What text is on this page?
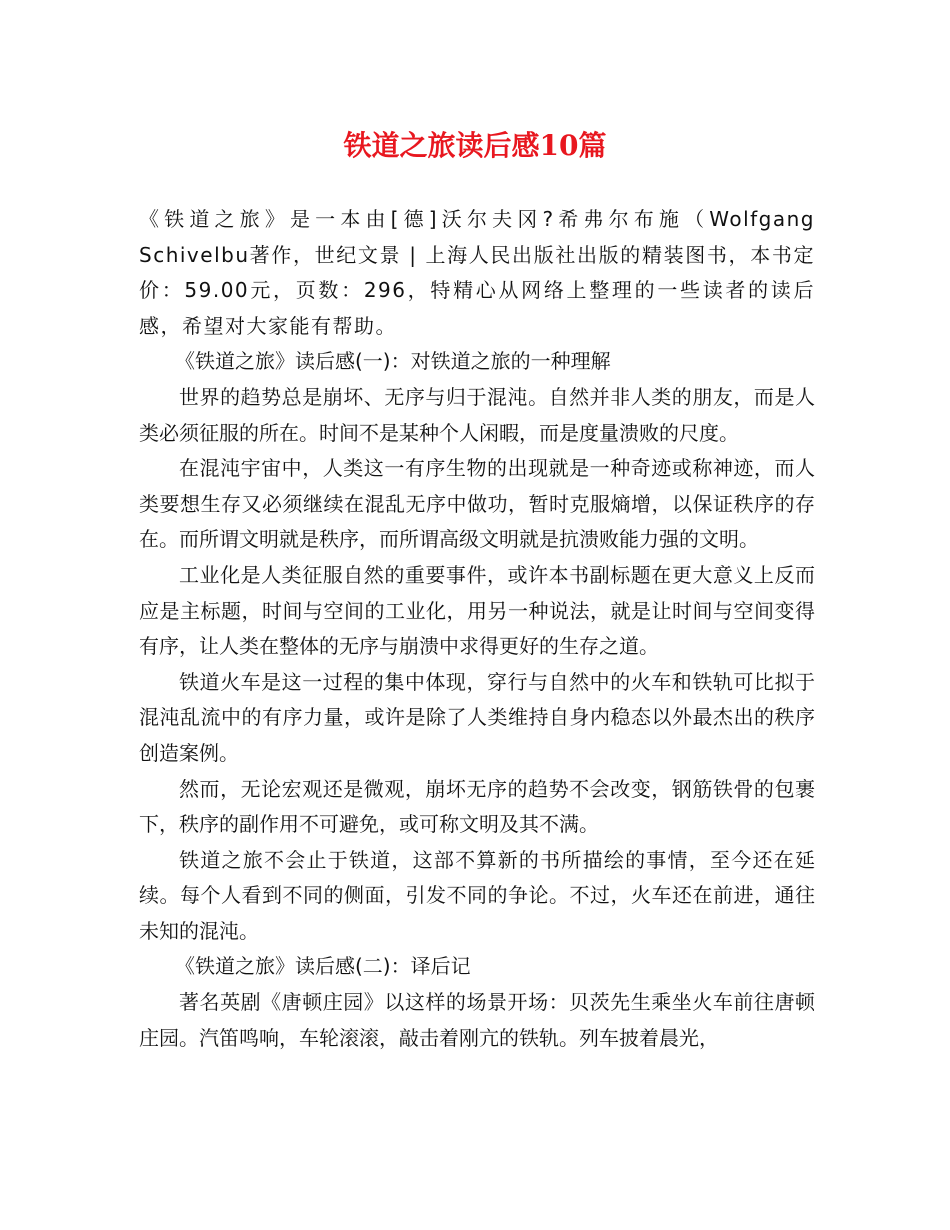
铁道之旅读后感10篇

《铁道之旅》是一本由[德]沃尔夫冈?希弗尔布施（Wolfgang Schivelbu著作，世纪文景 | 上海人民出版社出版的精装图书，本书定价：59.00元，页数：296，特精心从网络上整理的一些读者的读后感，希望对大家能有帮助。

《铁道之旅》读后感(一)：对铁道之旅的一种理解

世界的趋势总是崩坏、无序与归于混沌。自然并非人类的朋友，而是人类必须征服的所在。时间不是某种个人闲暇，而是度量溃败的尺度。

在混沌宇宙中，人类这一有序生物的出现就是一种奇迹或称神迹，而人类要想生存又必须继续在混乱无序中做功，暂时克服熵增，以保证秩序的存在。而所谓文明就是秩序，而所谓高级文明就是抗溃败能力强的文明。

工业化是人类征服自然的重要事件，或许本书副标题在更大意义上反而应是主标题，时间与空间的工业化，用另一种说法，就是让时间与空间变得有序，让人类在整体的无序与崩溃中求得更好的生存之道。

铁道火车是这一过程的集中体现，穿行与自然中的火车和铁轨可比拟于混沌乱流中的有序力量，或许是除了人类维持自身内稳态以外最杰出的秩序创造案例。

然而，无论宏观还是微观，崩坏无序的趋势不会改变，钢筋铁骨的包裹下，秩序的副作用不可避免，或可称文明及其不满。

铁道之旅不会止于铁道，这部不算新的书所描绘的事情，至今还在延续。每个人看到不同的侧面，引发不同的争论。不过，火车还在前进，通往未知的混沌。

《铁道之旅》读后感(二)：译后记

著名英剧《唐顿庄园》以这样的场景开场：贝茨先生乘坐火车前往唐顿庄园。汽笛鸣响，车轮滚滚，敲击着刚亢的铁轨。列车披着晨光，
